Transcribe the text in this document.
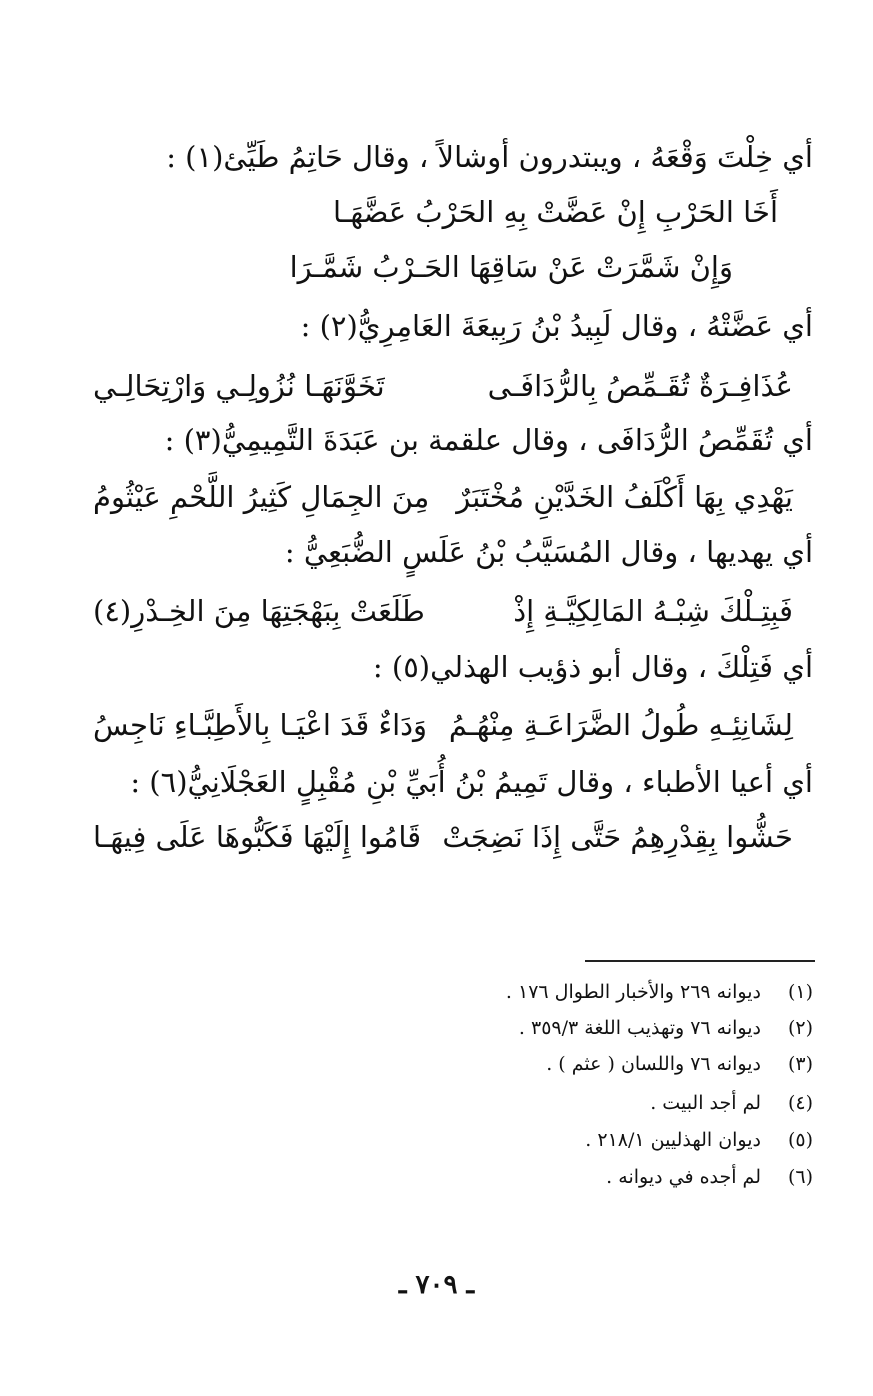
أي خِلْتَ وَقْعَهُ ، ويبتدرون أوشالاً ، وقال حَاتِمُ طَيِّئ(١) :
أَخَا الحَرْبِ إِنْ عَضَّتْ بِهِ الحَرْبُ عَضَّهَـا
وَإِنْ شَمَّرَتْ عَنْ سَاقِهَا الحَـرْبُ شَمَّـرَا
أي عَضَّتْهُ ، وقال لَبِيدُ بْنُ رَبِيعَةَ العَامِرِيُّ(٢) :
عُذَافِـرَةٌ تُقَـمِّصُ بِالرُّدَافَـى
تَخَوَّنَهَـا نُزُولِـي وَارْتِحَالِـي
أي تُقَمِّصُ الرُّدَافَى ، وقال علقمة بن عَبَدَةَ التَّمِيمِيُّ(٣) :
يَهْدِي بِهَا أَكْلَفُ الخَدَّيْنِ مُخْتَبَرٌ
مِنَ الجِمَالِ كَثِيرُ اللَّحْمِ عَيْثُومُ
أي يهديها ، وقال المُسَيَّبُ بْنُ عَلَسٍ الضُّبَعِيُّ :
فَبِتِـلْكَ شِبْـهُ المَالِكِيَّـةِ إِذْ
طَلَعَتْ بِبَهْجَتِهَا مِنَ الخِـدْرِ(٤)
أي فَتِلْكَ ، وقال أبو ذؤيب الهذلي(٥) :
لِشَانِئِـهِ طُولُ الضَّرَاعَـةِ مِنْهُـمُ
وَدَاءٌ قَدَ اعْيَـا بِالأَطِبَّـاءِ نَاجِسُ
أي أعيا الأطباء ، وقال تَمِيمُ بْنُ أُبَيِّ بْنِ مُقْبِلٍ العَجْلَانِيُّ(٦) :
حَشُّوا بِقِدْرِهِمُ حَتَّى إِذَا نَضِجَتْ
قَامُوا إِلَيْهَا فَكَبُّوهَا عَلَى فِيهَـا
(١)
ديوانه ٢٦٩ والأخبار الطوال ١٧٦ .
(٢)
ديوانه ٧٦ وتهذيب اللغة ٣٥٩/٣ .
(٣)
ديوانه ٧٦ واللسان ( عثم ) .
(٤)
لم أجد البيت .
(٥)
ديوان الهذليين ٢١٨/١ .
(٦)
لم أجده في ديوانه .
ـ ٧٠٩ ـ
